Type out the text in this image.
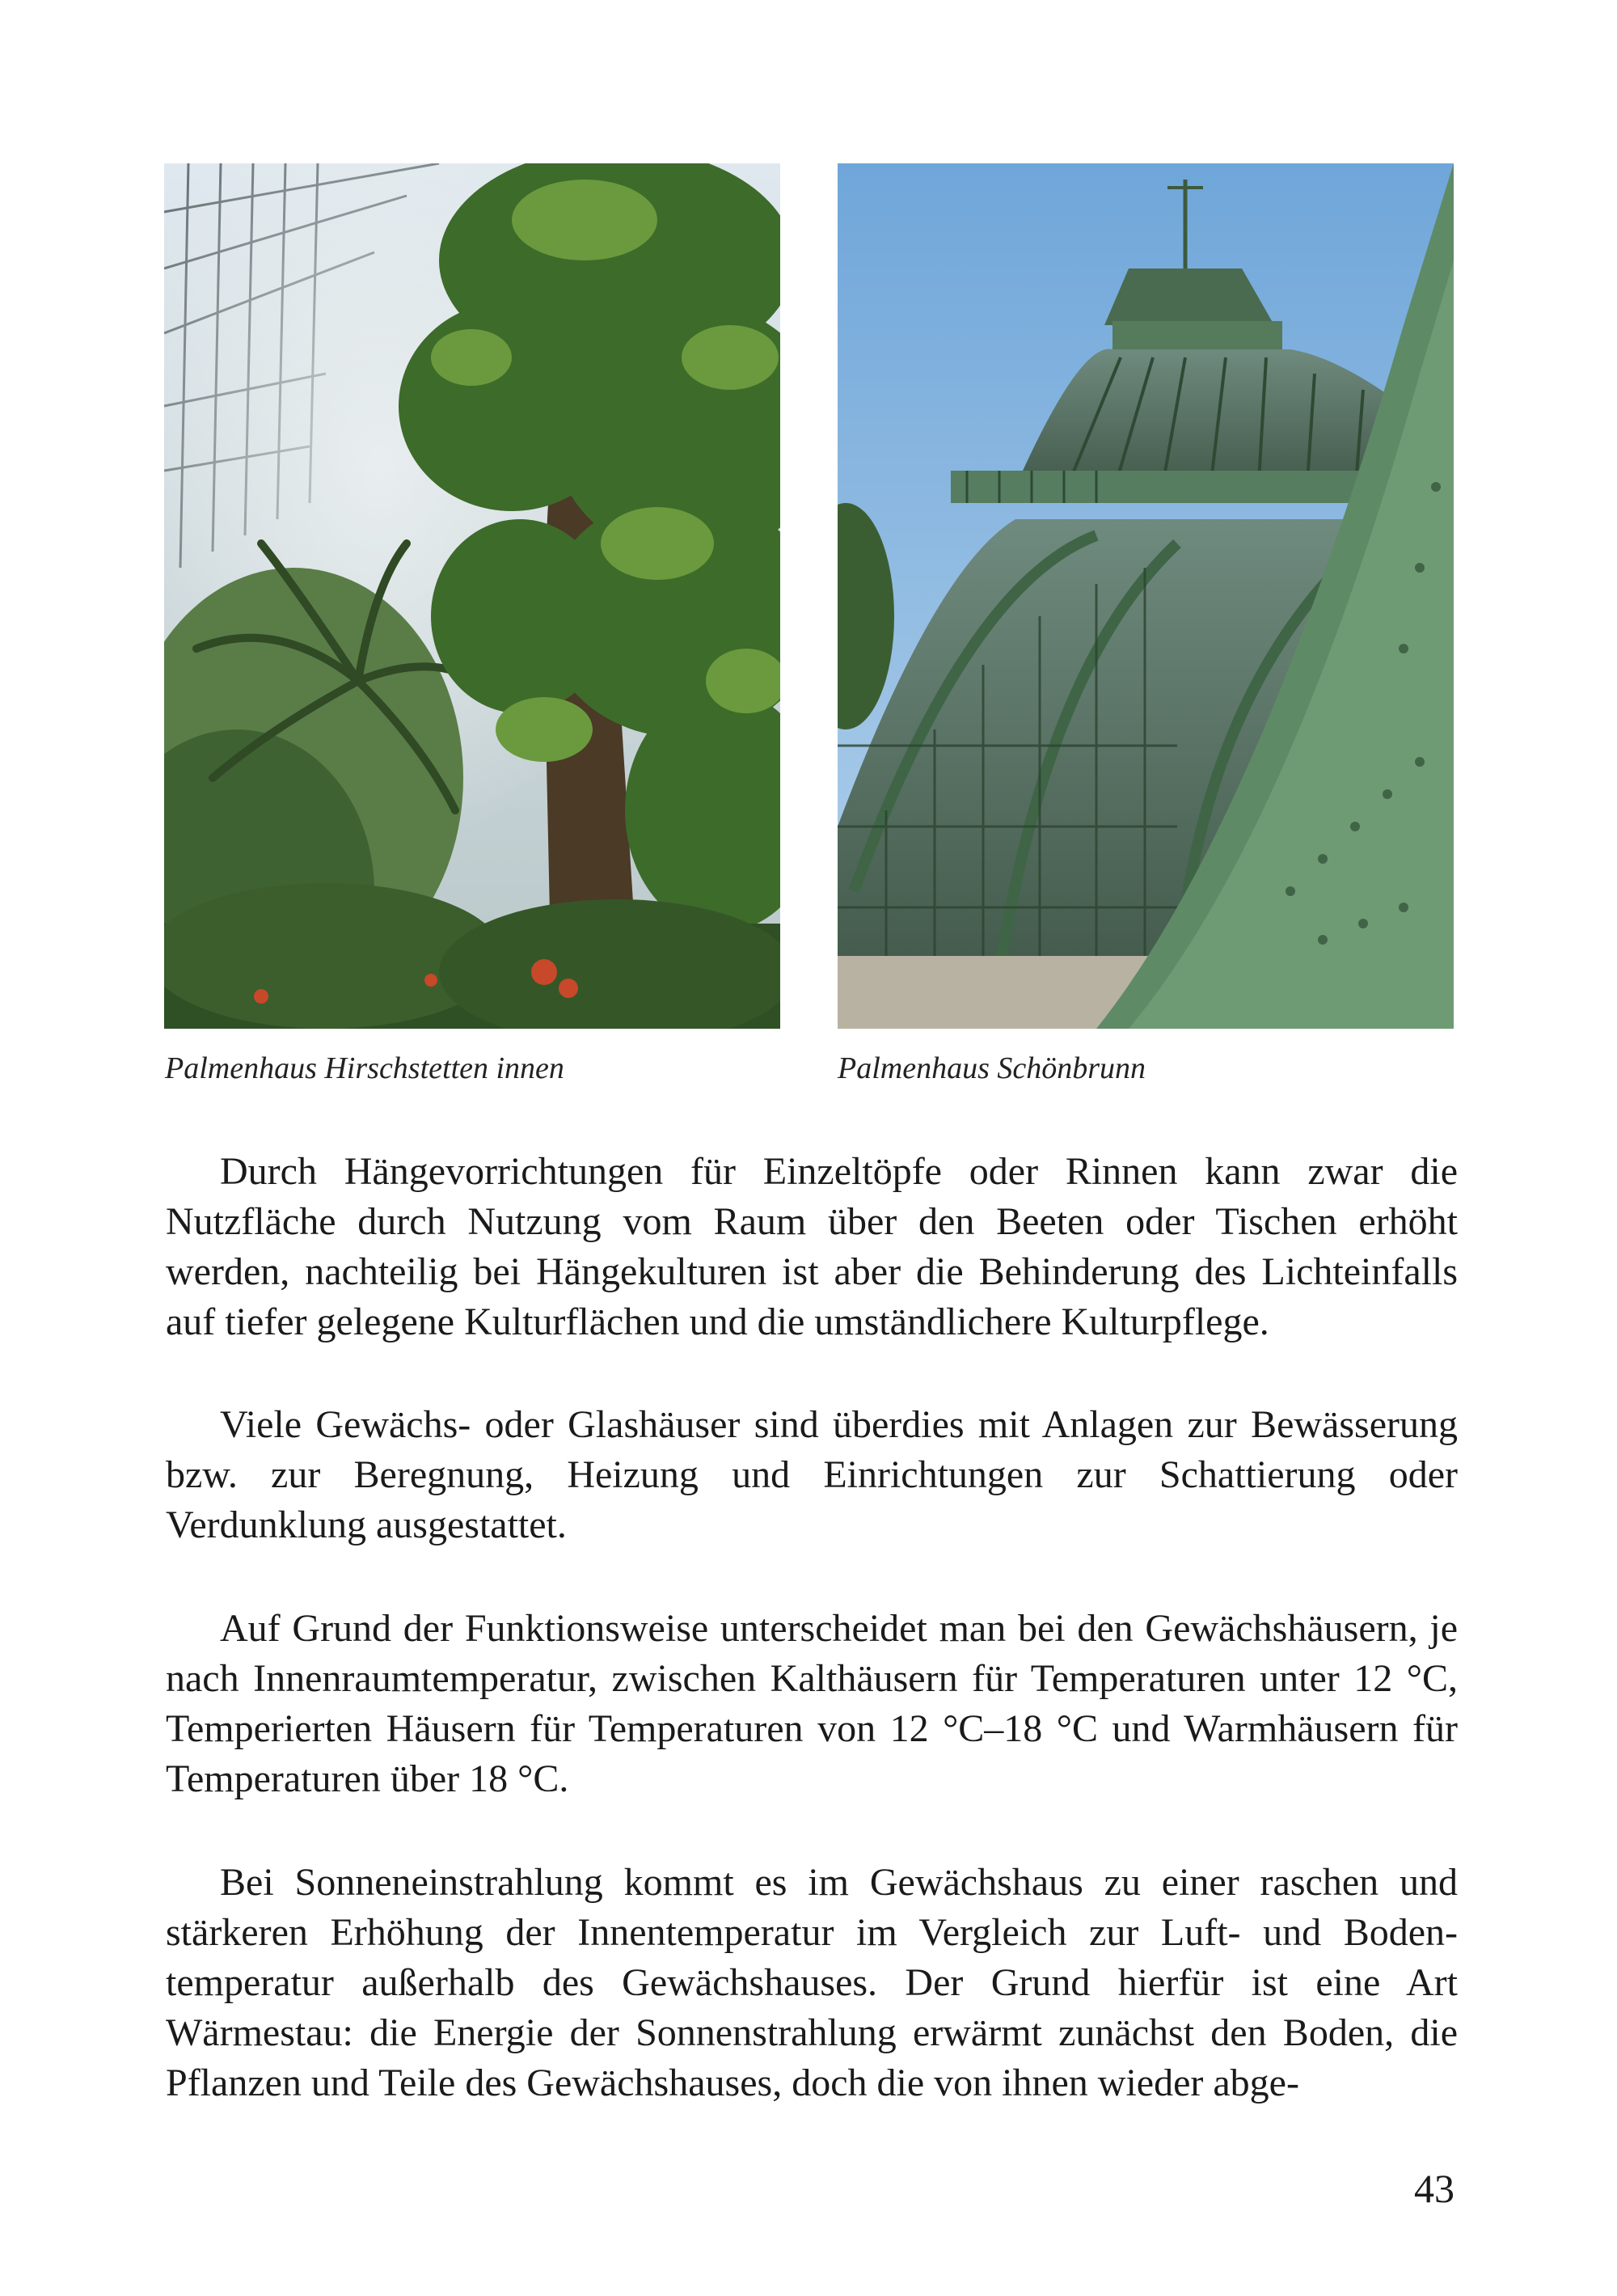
Palmenhaus Hirschstetten innen	Palmenhaus Schönbrunn

Durch Hängevorrichtungen für Einzeltöpfe oder Rinnen kann zwar die Nutzfläche durch Nutzung vom Raum über den Beeten oder Tischen erhöht werden, nachteilig bei Hängekulturen ist aber die Behinderung des Lichteinfalls auf tiefer gelegene Kulturflächen und die umständlichere Kulturpflege.

Viele Gewächs- oder Glashäuser sind überdies mit Anlagen zur Bewässerung bzw. zur Beregnung, Heizung und Einrichtungen zur Schattierung oder Verdunklung ausgestattet.

Auf Grund der Funktionsweise unterscheidet man bei den Gewächshäusern, je nach Innenraumtemperatur, zwischen Kalthäusern für Temperaturen unter 12 °C, Temperierten Häusern für Temperaturen von 12 °C–18 °C und Warmhäusern für Temperaturen über 18 °C.

Bei Sonneneinstrahlung kommt es im Gewächshaus zu einer raschen und stärkeren Erhöhung der Innentemperatur im Vergleich zur Luft- und Bodentemperatur außerhalb des Gewächshauses. Der Grund hierfür ist eine Art Wärmestau: die Energie der Sonnenstrahlung erwärmt zunächst den Boden, die Pflanzen und Teile des Gewächshauses, doch die von ihnen wieder abge-

43
